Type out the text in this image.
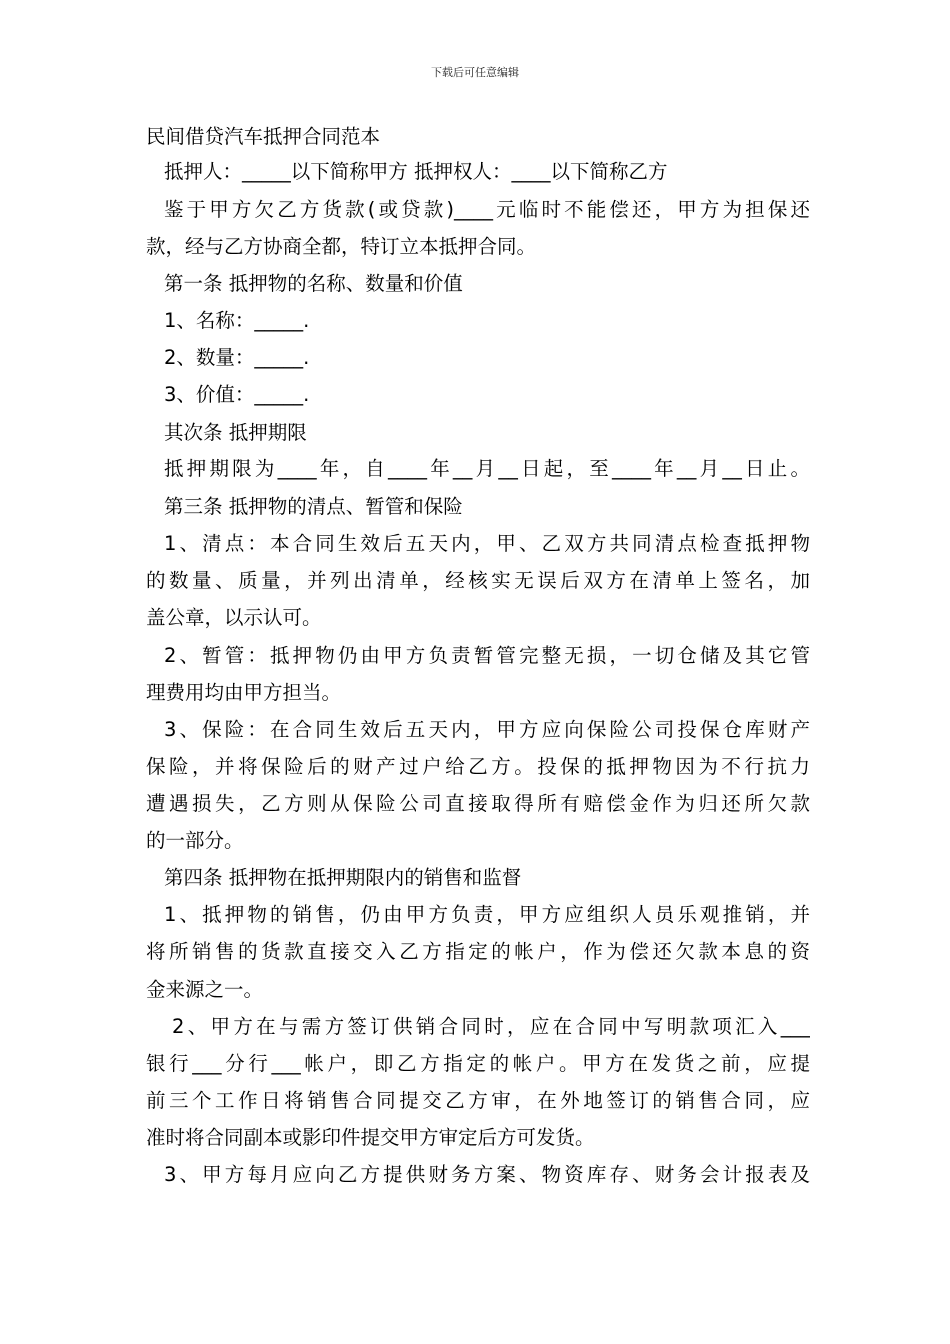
下载后可任意编辑
民间借贷汽车抵押合同范本
抵押人：_____以下简称甲方 抵押权人：____以下简称乙方
鉴于甲方欠乙方货款(或贷款)____元临时不能偿还，甲方为担保还
款，经与乙方协商全都，特订立本抵押合同。
第一条 抵押物的名称、数量和价值
1、名称：_____.
2、数量：_____.
3、价值：_____.
其次条 抵押期限
抵押期限为____年，自____年__月__日起，至____年__月__日止。
第三条 抵押物的清点、暂管和保险
1、清点：本合同生效后五天内，甲、乙双方共同清点检查抵押物
的数量、质量，并列出清单，经核实无误后双方在清单上签名，加
盖公章，以示认可。
2、暂管：抵押物仍由甲方负责暂管完整无损，一切仓储及其它管
理费用均由甲方担当。
3、保险：在合同生效后五天内，甲方应向保险公司投保仓库财产
保险，并将保险后的财产过户给乙方。投保的抵押物因为不行抗力
遭遇损失，乙方则从保险公司直接取得所有赔偿金作为归还所欠款
的一部分。
第四条 抵押物在抵押期限内的销售和监督
1、抵押物的销售，仍由甲方负责，甲方应组织人员乐观推销，并
将所销售的货款直接交入乙方指定的帐户，作为偿还欠款本息的资
金来源之一。
2、甲方在与需方签订供销合同时，应在合同中写明款项汇入___
银行___分行___帐户，即乙方指定的帐户。甲方在发货之前，应提
前三个工作日将销售合同提交乙方审，在外地签订的销售合同，应
准时将合同副本或影印件提交甲方审定后方可发货。
3、甲方每月应向乙方提供财务方案、物资库存、财务会计报表及
